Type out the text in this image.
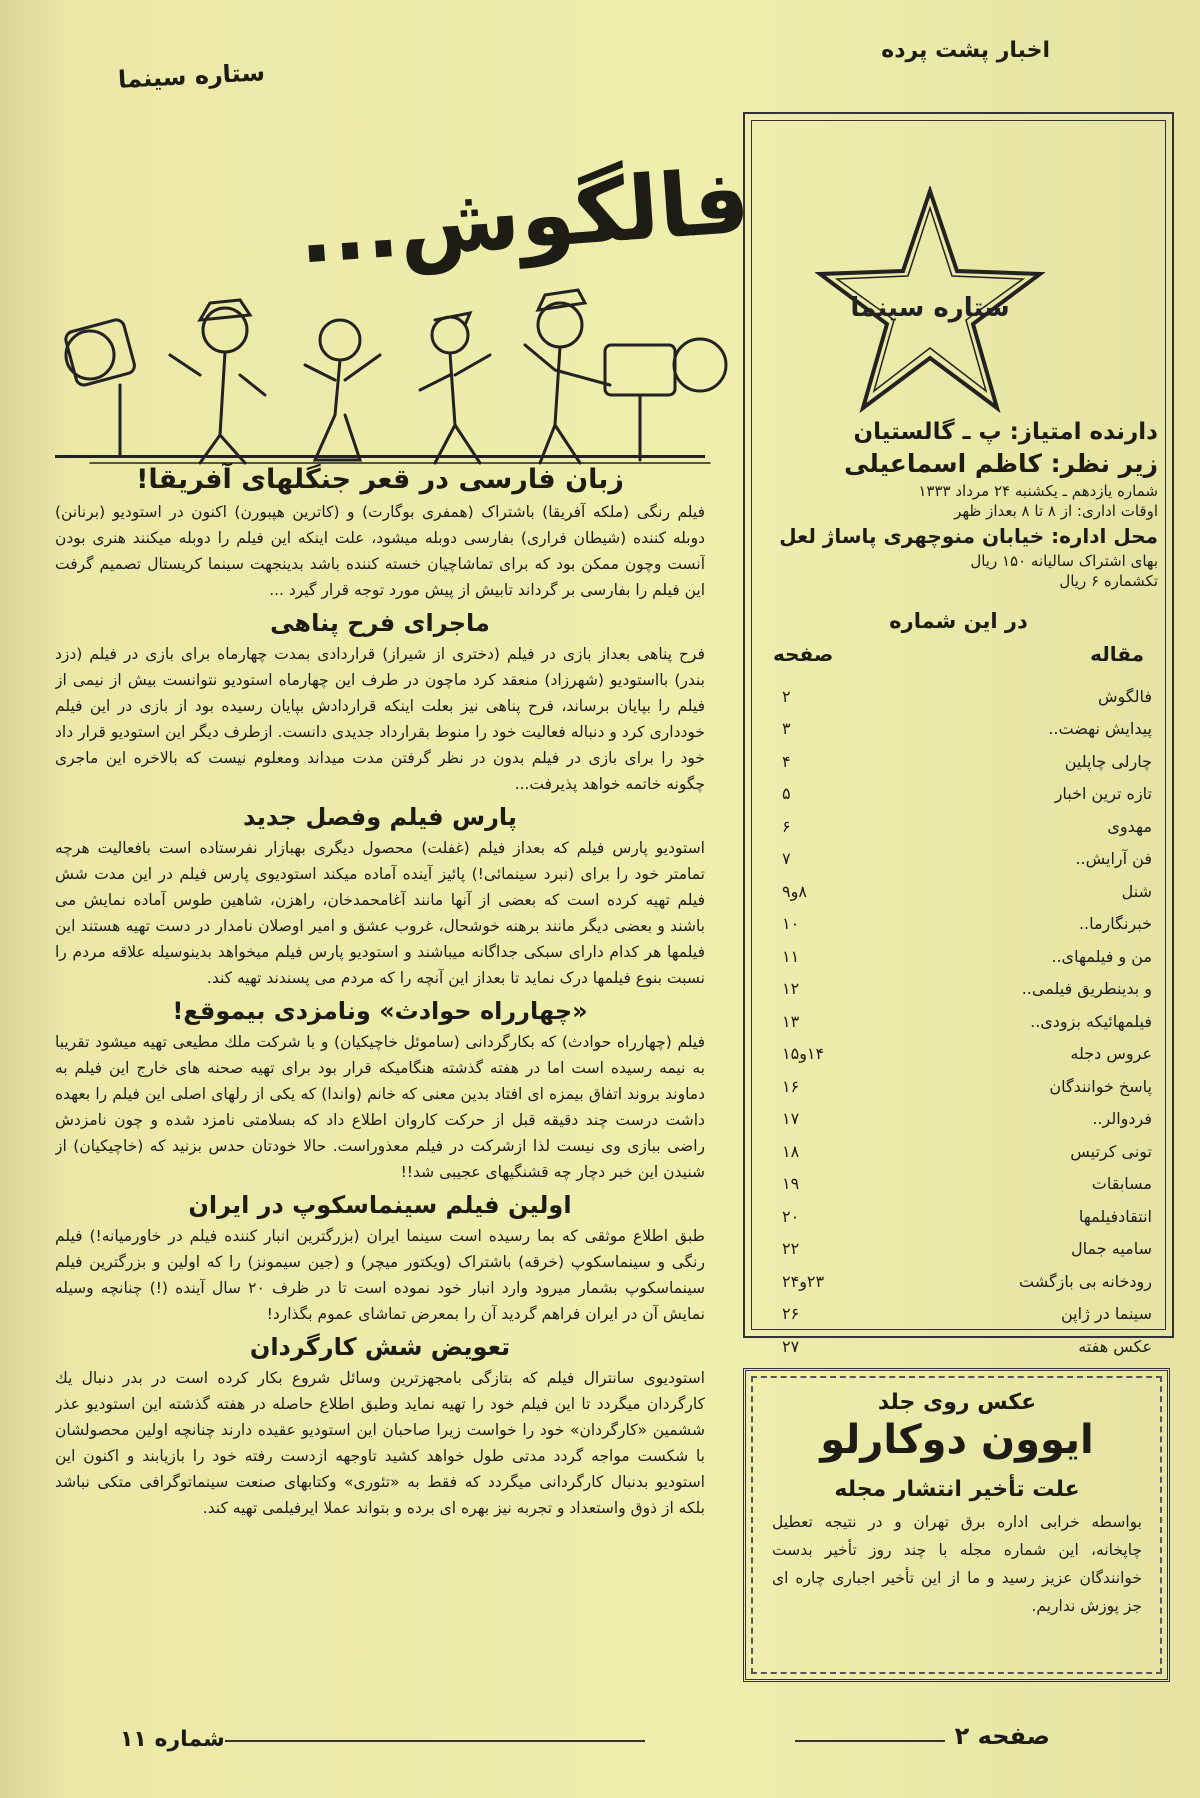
اخبار پشت پرده
ستاره سینما
فالگوش...
زبان فارسی در قعر جنگلهای آفریقا!

فیلم رنگی (ملکه آفریقا) باشتراک (همفری بوگارت) و (کاترین هپبورن) اکنون در استودیو (برنانن) دوبله کننده (شیطان فراری) بفارسی دوبله میشود، علت اینکه این فیلم را دوبله میکنند هنری بودن آنست وچون ممکن بود که برای تماشاچیان خسته کننده باشد بدینجهت سینما کریستال تصمیم گرفت این فیلم را بفارسی بر گرداند تابیش از پیش مورد توجه قرار گیرد ...

ماجرای فرح پناهی

فرح پناهی بعداز بازی در فیلم (دختری از شیراز) قراردادی بمدت چهارماه برای بازی در فیلم (دزد بندر) بااستودیو (شهرزاد) منعقد کرد ماچون در طرف این چهارماه استودیو نتوانست بیش از نیمی از فیلم را بپایان برساند، فرح پناهی نیز بعلت اینکه قراردادش بپایان رسیده بود از بازی در این فیلم خودداری کرد و دنباله فعالیت خود را منوط بقرارداد جدیدی دانست. ازطرف دیگر این استودیو قرار داد خود را برای بازی در فیلم بدون در نظر گرفتن مدت میداند ومعلوم نیست که بالاخره این ماجری چگونه خاتمه خواهد پذیرفت...

پارس فیلم وفصل جدید

استودیو پارس فیلم که بعداز فیلم (غفلت) محصول دیگری بهبازار نفرستاده است بافعالیت هرچه تمامتر خود را برای (نبرد سینمائی!) پائیز آینده آماده میکند استودیوی پارس فیلم در این مدت شش فیلم تهیه کرده است که بعضی از آنها مانند آغامحمدخان، راهزن، شاهین طوس آماده نمایش می باشند و بعضی دیگر مانند برهنه خوشحال، غروب عشق و امیر اوصلان نامدار در دست تهیه هستند این فیلمها هر کدام دارای سبکی جداگانه میباشند و استودیو پارس فیلم میخواهد بدینوسیله علاقه مردم را نسبت بنوع فیلمها درک نماید تا بعداز این آنچه را که مردم می پسندند تهیه کند.

«چهارراه حوادث» ونامزدی بیموقع!

فیلم (چهارراه حوادث) که بکارگردانی (ساموئل خاچیکیان) و با شرکت ملك مطيعی تهیه میشود تقریبا به نیمه رسیده است اما در هفته گذشته هنگامیکه قرار بود برای تهیه صحنه های خارج این فیلم به دماوند بروند اتفاق بیمزه ای افتاد بدین معنی که خانم (واندا) که یکی از رلهای اصلی این فیلم را بعهده داشت درست چند دقیقه قبل از حرکت کاروان اطلاع داد که بسلامتی نامزد شده و چون نامزدش راضی ببازی وی نیست لذا ازشرکت در فیلم معذوراست. حالا خودتان حدس بزنید که (خاچیکیان) از شنیدن این خبر دچار چه قشنگیهای عجیبی شد!!

اولین فیلم سینماسکوپ در ایران

طبق اطلاع موثقی که بما رسیده است سینما ایران (بزرگترین انبار کننده فیلم در خاورمیانه!) فیلم رنگی و سینماسکوپ (خرقه) باشتراک (ویکتور میچر) و (جین سیمونز) را که اولین و بزرگترین فیلم سینماسکوپ بشمار میرود وارد انبار خود نموده است تا در ظرف ۲۰ سال آینده (!) چنانچه وسیله نمایش آن در ایران فراهم گردید آن را بمعرض تماشای عموم بگذارد!

تعویض شش کارگردان

استودیوی سانترال فیلم که بتازگی بامجهزترین وسائل شروع بکار کرده است در بدر دنبال یك کارگردان میگردد تا این فیلم خود را تهیه نماید وطبق اطلاع حاصله در هفته گذشته این استودیو عذر ششمین «کارگردان» خود را خواست زیرا صاحبان این استودیو عقیده دارند چنانچه اولین محصولشان با شکست مواجه گردد مدتی طول خواهد کشید تاوجهه ازدست رفته خود را بازیابند و اکنون این استودیو بدنبال کارگردانی میگردد که فقط به «تئوری» وکتابهای صنعت سینماتوگرافی متکی نباشد بلکه از ذوق واستعداد و تجربه نیز بهره ای برده و بتواند عملا ایرفیلمی تهیه کند.

ستاره سینما
دارنده امتیاز: پ ـ گالستیان
زیر نظر: کاظم اسماعیلی
شماره یازدهم ـ یکشنبه ۲۴ مرداد ۱۳۳۳
اوقات اداری: از ۸ تا ۸ بعداز ظهر
محل اداره: خیابان منوچهری پاساژ لعل
بهای اشتراک سالیانه ۱۵۰ ریال
تکشماره ۶ ریال
در این شماره
مقاله
صفحه
فالگوش
۲
پیدایش نهضت..
۳
چارلی چاپلین
۴
تازه ترین اخبار
۵
مهدوی
۶
فن آرایش..
۷
شنل
۸و۹
خبرنگارما..
۱۰
من و فیلمهای..
۱۱
و بدینطریق فیلمی..
۱۲
فیلمهائیکه بزودی..
۱۳
عروس دجله
۱۴و۱۵
پاسخ خوانندگان
۱۶
فردوالر..
۱۷
تونی کرتیس
۱۸
مسابقات
۱۹
انتقادفیلمها
۲۰
سامیه جمال
۲۲
رودخانه بی بازگشت
۲۳و۲۴
سینما در ژاپن
۲۶
عکس هفته
۲۷
عکس روی جلد
ایوون دوکارلو
علت تأخیر انتشار مجله
بواسطه خرابی اداره برق تهران و در نتیجه تعطیل چاپخانه، این شماره مجله با چند روز تأخیر بدست خوانندگان عزیز رسید و ما از این تأخیر اجباری چاره ای جز پوزش نداریم.
صفحه ۲
شماره ۱۱
